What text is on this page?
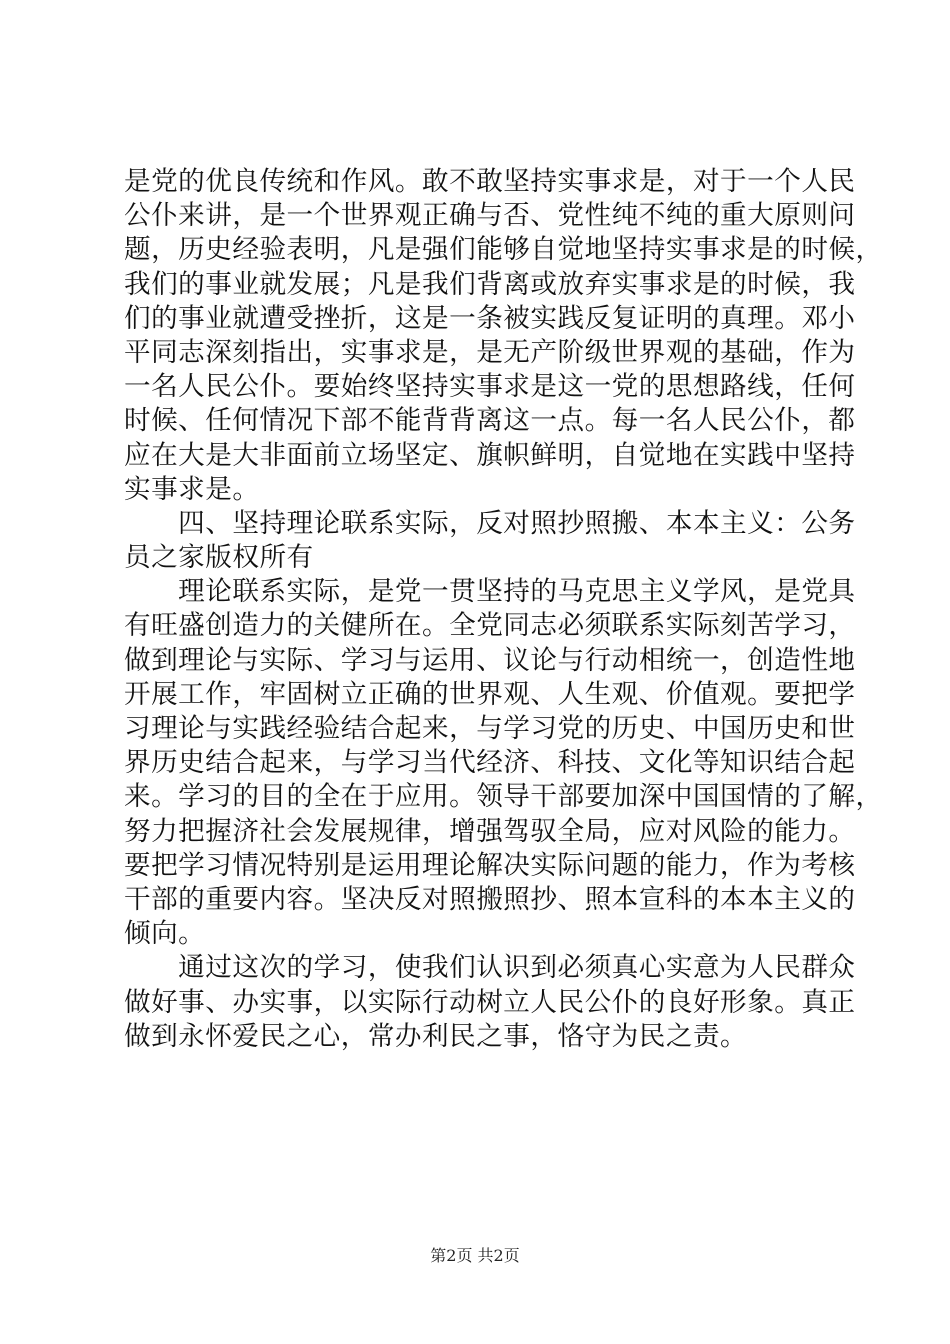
是党的优良传统和作风。敢不敢坚持实事求是，对于一个人民
公仆来讲，是一个世界观正确与否、党性纯不纯的重大原则问
题，历史经验表明，凡是强们能够自觉地坚持实事求是的时候，
我们的事业就发展；凡是我们背离或放弃实事求是的时候，我
们的事业就遭受挫折，这是一条被实践反复证明的真理。邓小
平同志深刻指出，实事求是，是无产阶级世界观的基础，作为
一名人民公仆。要始终坚持实事求是这一党的思想路线，任何
时候、任何情况下部不能背背离这一点。每一名人民公仆，都
应在大是大非面前立场坚定、旗帜鲜明，自觉地在实践中坚持
实事求是。
　　四、坚持理论联系实际，反对照抄照搬、本本主义：公务
员之家版权所有
　　理论联系实际，是党一贯坚持的马克思主义学风，是党具
有旺盛创造力的关健所在。全党同志必须联系实际刻苦学习，
做到理论与实际、学习与运用、议论与行动相统一，创造性地
开展工作，牢固树立正确的世界观、人生观、价值观。要把学
习理论与实践经验结合起来，与学习党的历史、中国历史和世
界历史结合起来，与学习当代经济、科技、文化等知识结合起
来。学习的目的全在于应用。领导干部要加深中国国情的了解，
努力把握济社会发展规律，增强驾驭全局，应对风险的能力。
要把学习情况特别是运用理论解决实际问题的能力，作为考核
干部的重要内容。坚决反对照搬照抄、照本宣科的本本主义的
倾向。
　　通过这次的学习，使我们认识到必须真心实意为人民群众
做好事、办实事，以实际行动树立人民公仆的良好形象。真正
做到永怀爱民之心，常办利民之事，恪守为民之责。
第2页 共2页
